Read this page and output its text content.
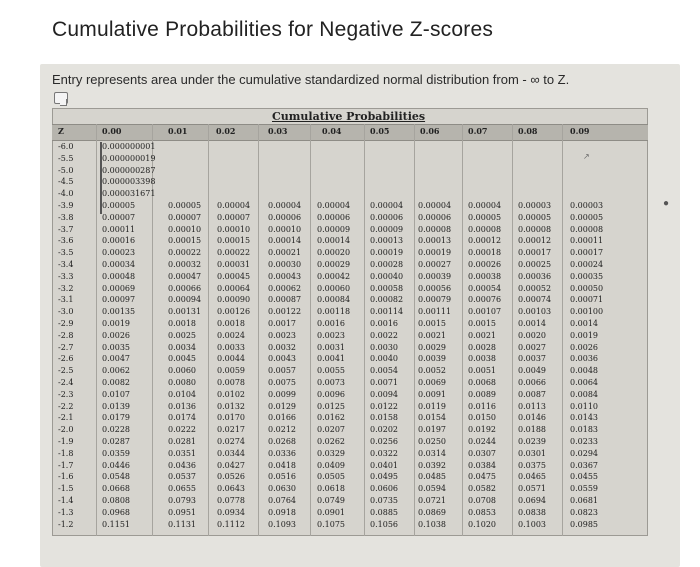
Cumulative Probabilities for Negative Z-scores
Entry represents area under the cumulative standardized normal distribution from - ∞ to Z.
Cumulative Probabilities
Z	0.00	0.01	0.02	0.03	0.04	0.05	0.06	0.07	0.08	0.09
-6.0	0.000000001
-5.5	0.000000019
-5.0	0.000000287
-4.5	0.000003398
-4.0	0.000031671
-3.9	0.00005	0.00005 0.00004 0.00004 0.00004 0.00004 0.00004 0.00004 0.00003 0.00003
-3.8	0.00007	0.00007 0.00007 0.00006 0.00006 0.00006 0.00006 0.00005 0.00005 0.00005
-3.7	0.00011	0.00010 0.00010 0.00010 0.00009 0.00009 0.00008 0.00008 0.00008 0.00008
-3.6	0.00016	0.00015 0.00015 0.00014 0.00014 0.00013 0.00013 0.00012 0.00012 0.00011
-3.5	0.00023	0.00022 0.00022 0.00021 0.00020 0.00019 0.00019 0.00018 0.00017 0.00017
-3.4	0.00034	0.00032 0.00031 0.00030 0.00029 0.00028 0.00027 0.00026 0.00025 0.00024
-3.3	0.00048	0.00047 0.00045 0.00043 0.00042 0.00040 0.00039 0.00038 0.00036 0.00035
-3.2	0.00069	0.00066 0.00064 0.00062 0.00060 0.00058 0.00056 0.00054 0.00052 0.00050
-3.1	0.00097	0.00094 0.00090 0.00087 0.00084 0.00082 0.00079 0.00076 0.00074 0.00071
-3.0	0.00135	0.00131 0.00126 0.00122 0.00118 0.00114 0.00111 0.00107 0.00103 0.00100
-2.9	0.0019	0.0018	0.0018	0.0017	0.0016	0.0016	0.0015	0.0015	0.0014	0.0014
-2.8	0.0026	0.0025	0.0024	0.0023	0.0023	0.0022	0.0021	0.0021	0.0020	0.0019
-2.7	0.0035	0.0034	0.0033	0.0032	0.0031	0.0030	0.0029	0.0028	0.0027	0.0026
-2.6	0.0047	0.0045	0.0044	0.0043	0.0041	0.0040	0.0039	0.0038	0.0037	0.0036
-2.5	0.0062	0.0060	0.0059	0.0057	0.0055	0.0054	0.0052	0.0051	0.0049	0.0048
-2.4	0.0082	0.0080	0.0078	0.0075	0.0073	0.0071	0.0069	0.0068	0.0066	0.0064
-2.3	0.0107	0.0104	0.0102	0.0099	0.0096	0.0094	0.0091	0.0089	0.0087	0.0084
-2.2	0.0139	0.0136	0.0132	0.0129	0.0125	0.0122	0.0119	0.0116	0.0113	0.0110
-2.1	0.0179	0.0174	0.0170	0.0166	0.0162	0.0158	0.0154	0.0150	0.0146	0.0143
-2.0	0.0228	0.0222	0.0217	0.0212	0.0207	0.0202	0.0197	0.0192	0.0188	0.0183
-1.9	0.0287	0.0281	0.0274	0.0268	0.0262	0.0256	0.0250	0.0244	0.0239	0.0233
-1.8	0.0359	0.0351	0.0344	0.0336	0.0329	0.0322	0.0314	0.0307	0.0301	0.0294
-1.7	0.0446	0.0436	0.0427	0.0418	0.0409	0.0401	0.0392	0.0384	0.0375	0.0367
-1.6	0.0548	0.0537	0.0526	0.0516	0.0505	0.0495	0.0485	0.0475	0.0465	0.0455
-1.5	0.0668	0.0655	0.0643	0.0630	0.0618	0.0606	0.0594	0.0582	0.0571	0.0559
-1.4	0.0808	0.0793	0.0778	0.0764	0.0749	0.0735	0.0721	0.0708	0.0694	0.0681
-1.3	0.0968	0.0951	0.0934	0.0918	0.0901	0.0885	0.0869	0.0853	0.0838	0.0823
-1.2	0.1151	0.1131	0.1112	0.1093	0.1075	0.1056	0.1038	0.1020	0.1003	0.0985
●
↗
